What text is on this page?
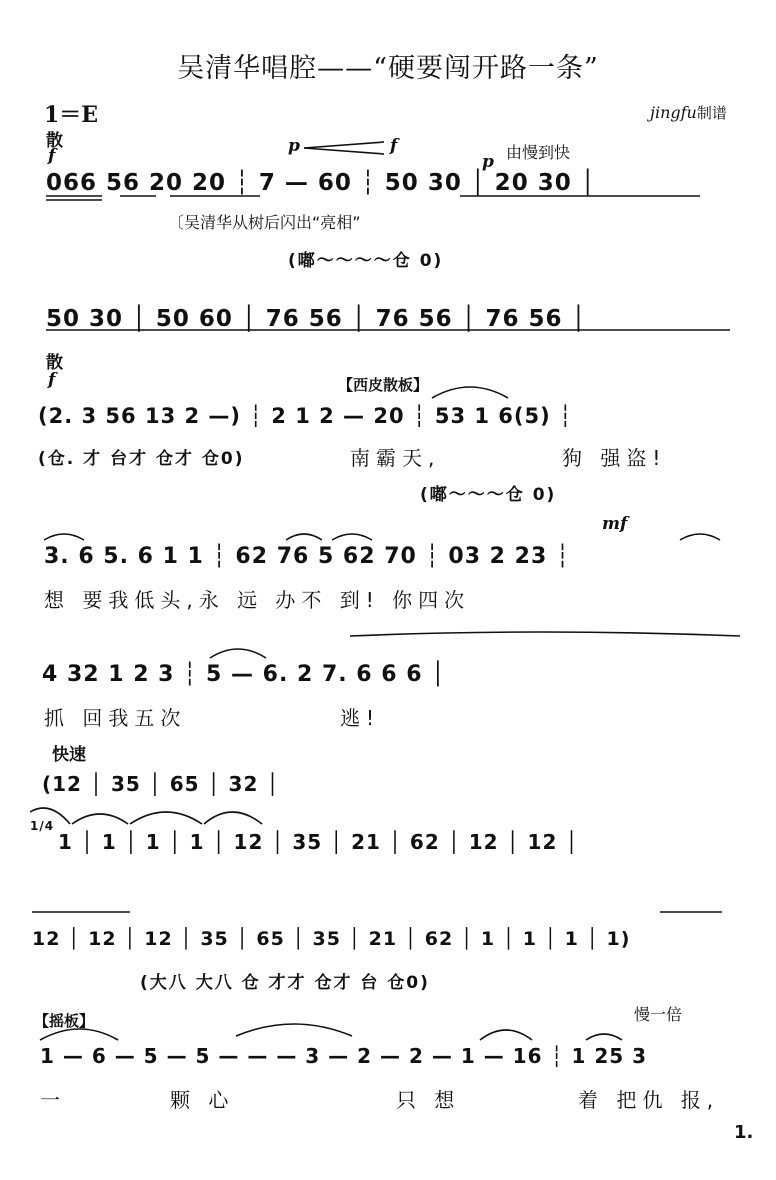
吴清华唱腔——“硬要闯开路一条”
1＝E	jingfu制谱
散
f	p	f
p 由慢到快
066 56 20 20 ┆ 7 — 60 ┆ 50 30 │ 20 30 │
〔吴清华从树后闪出“亮相”
(嘟～～～～仓 0)
50 30 │ 50 60 │ 76 56 │ 76 56 │ 76 56 │
散
f	【西皮散板】
(2. 3 56 13 2 —) ┆ 2 1 2 — 20 ┆ 53 1 6(5) ┆
(仓. 才 台才 仓才 仓0)	南霸天,	狗 强盗!
(嘟～～～仓 0)
mf
3. 6 5. 6 1 1 ┆ 62 76 5 62 70 ┆ 03 2 23 ┆
想 要我低头,永 远 办不 到! 你四次
4 32 1 2 3 ┆ 5 — 6. 2 7. 6 6 6 │
抓 回我五次	逃!
快速
(12 │ 35 │ 65 │ 32 │
1/4
1 │ 1 │ 1 │ 1 │ 12 │ 35 │ 21 │ 62 │ 12 │ 12 │
12 │ 12 │ 12 │ 35 │ 65 │ 35 │ 21 │ 62 │ 1 │ 1 │ 1 │ 1)
(大八 大八 仓 才才 仓才 台 仓0)
【摇板】	慢一倍
1 — 6 — 5 — 5 — — — 3 — 2 — 2 — 1 — 16 ┆ 1 25 3
一	颗 心	只 想	着 把仇 报,
1.
